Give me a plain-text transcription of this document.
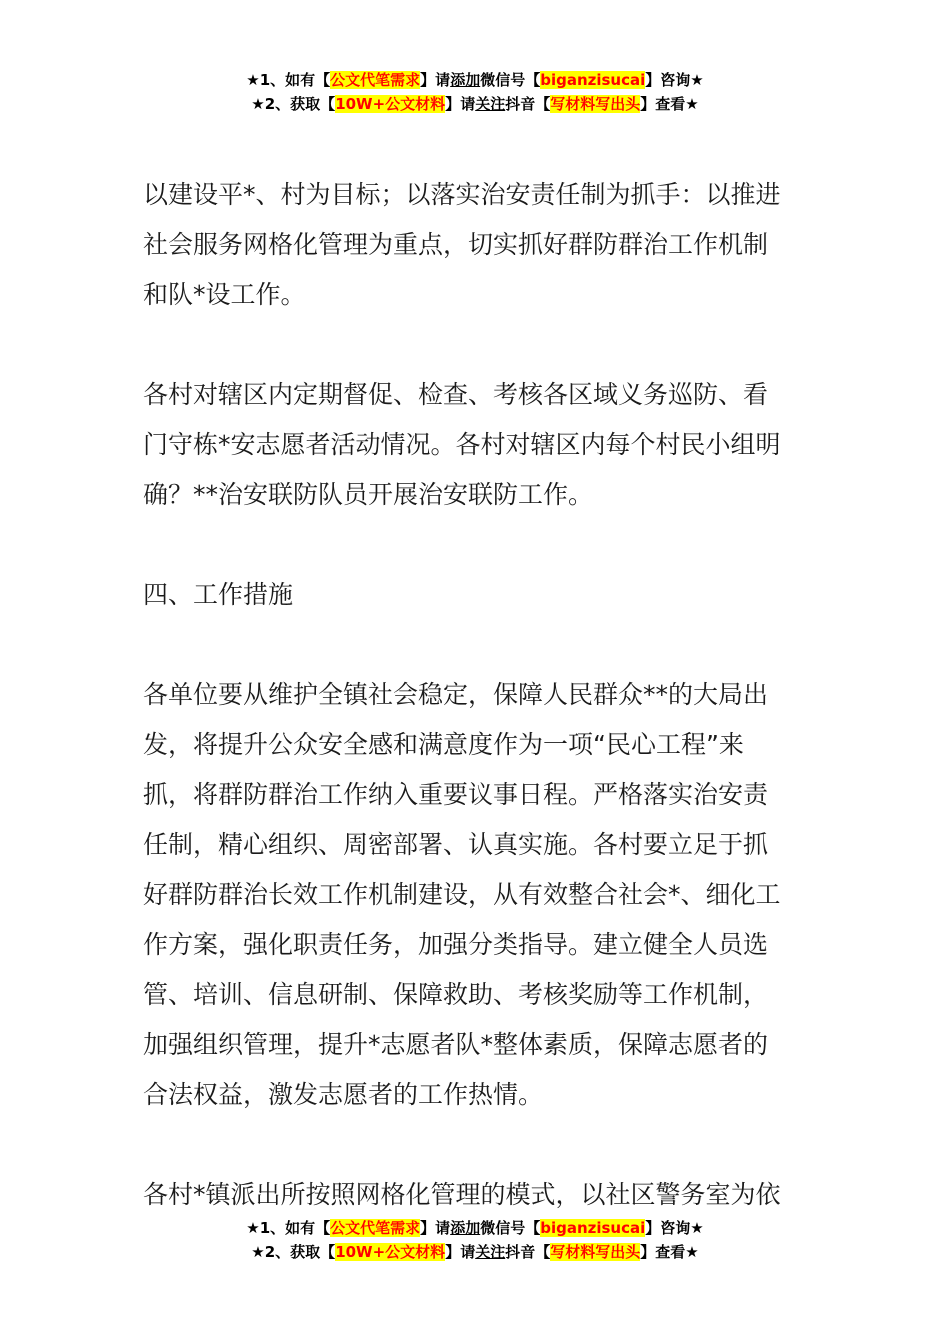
★1、如有【公文代笔需求】请添加微信号【biganzisucai】咨询★
★2、获取【10W+公文材料】请关注抖音【写材料写出头】查看★
以建设平*、村为目标；以落实治安责任制为抓手：以推进
社会服务网格化管理为重点，切实抓好群防群治工作机制
和队*设工作。
各村对辖区内定期督促、检查、考核各区域义务巡防、看
门守栋*安志愿者活动情况。各村对辖区内每个村民小组明
确？**治安联防队员开展治安联防工作。
四、工作措施
各单位要从维护全镇社会稳定，保障人民群众**的大局出
发，将提升公众安全感和满意度作为一项“民心工程”来
抓，将群防群治工作纳入重要议事日程。严格落实治安责
任制，精心组织、周密部署、认真实施。各村要立足于抓
好群防群治长效工作机制建设，从有效整合社会*、细化工
作方案，强化职责任务，加强分类指导。建立健全人员选
管、培训、信息研制、保障救助、考核奖励等工作机制，
加强组织管理，提升*志愿者队*整体素质，保障志愿者的
合法权益，激发志愿者的工作热情。
各村*镇派出所按照网格化管理的模式，以社区警务室为依
★1、如有【公文代笔需求】请添加微信号【biganzisucai】咨询★
★2、获取【10W+公文材料】请关注抖音【写材料写出头】查看★
